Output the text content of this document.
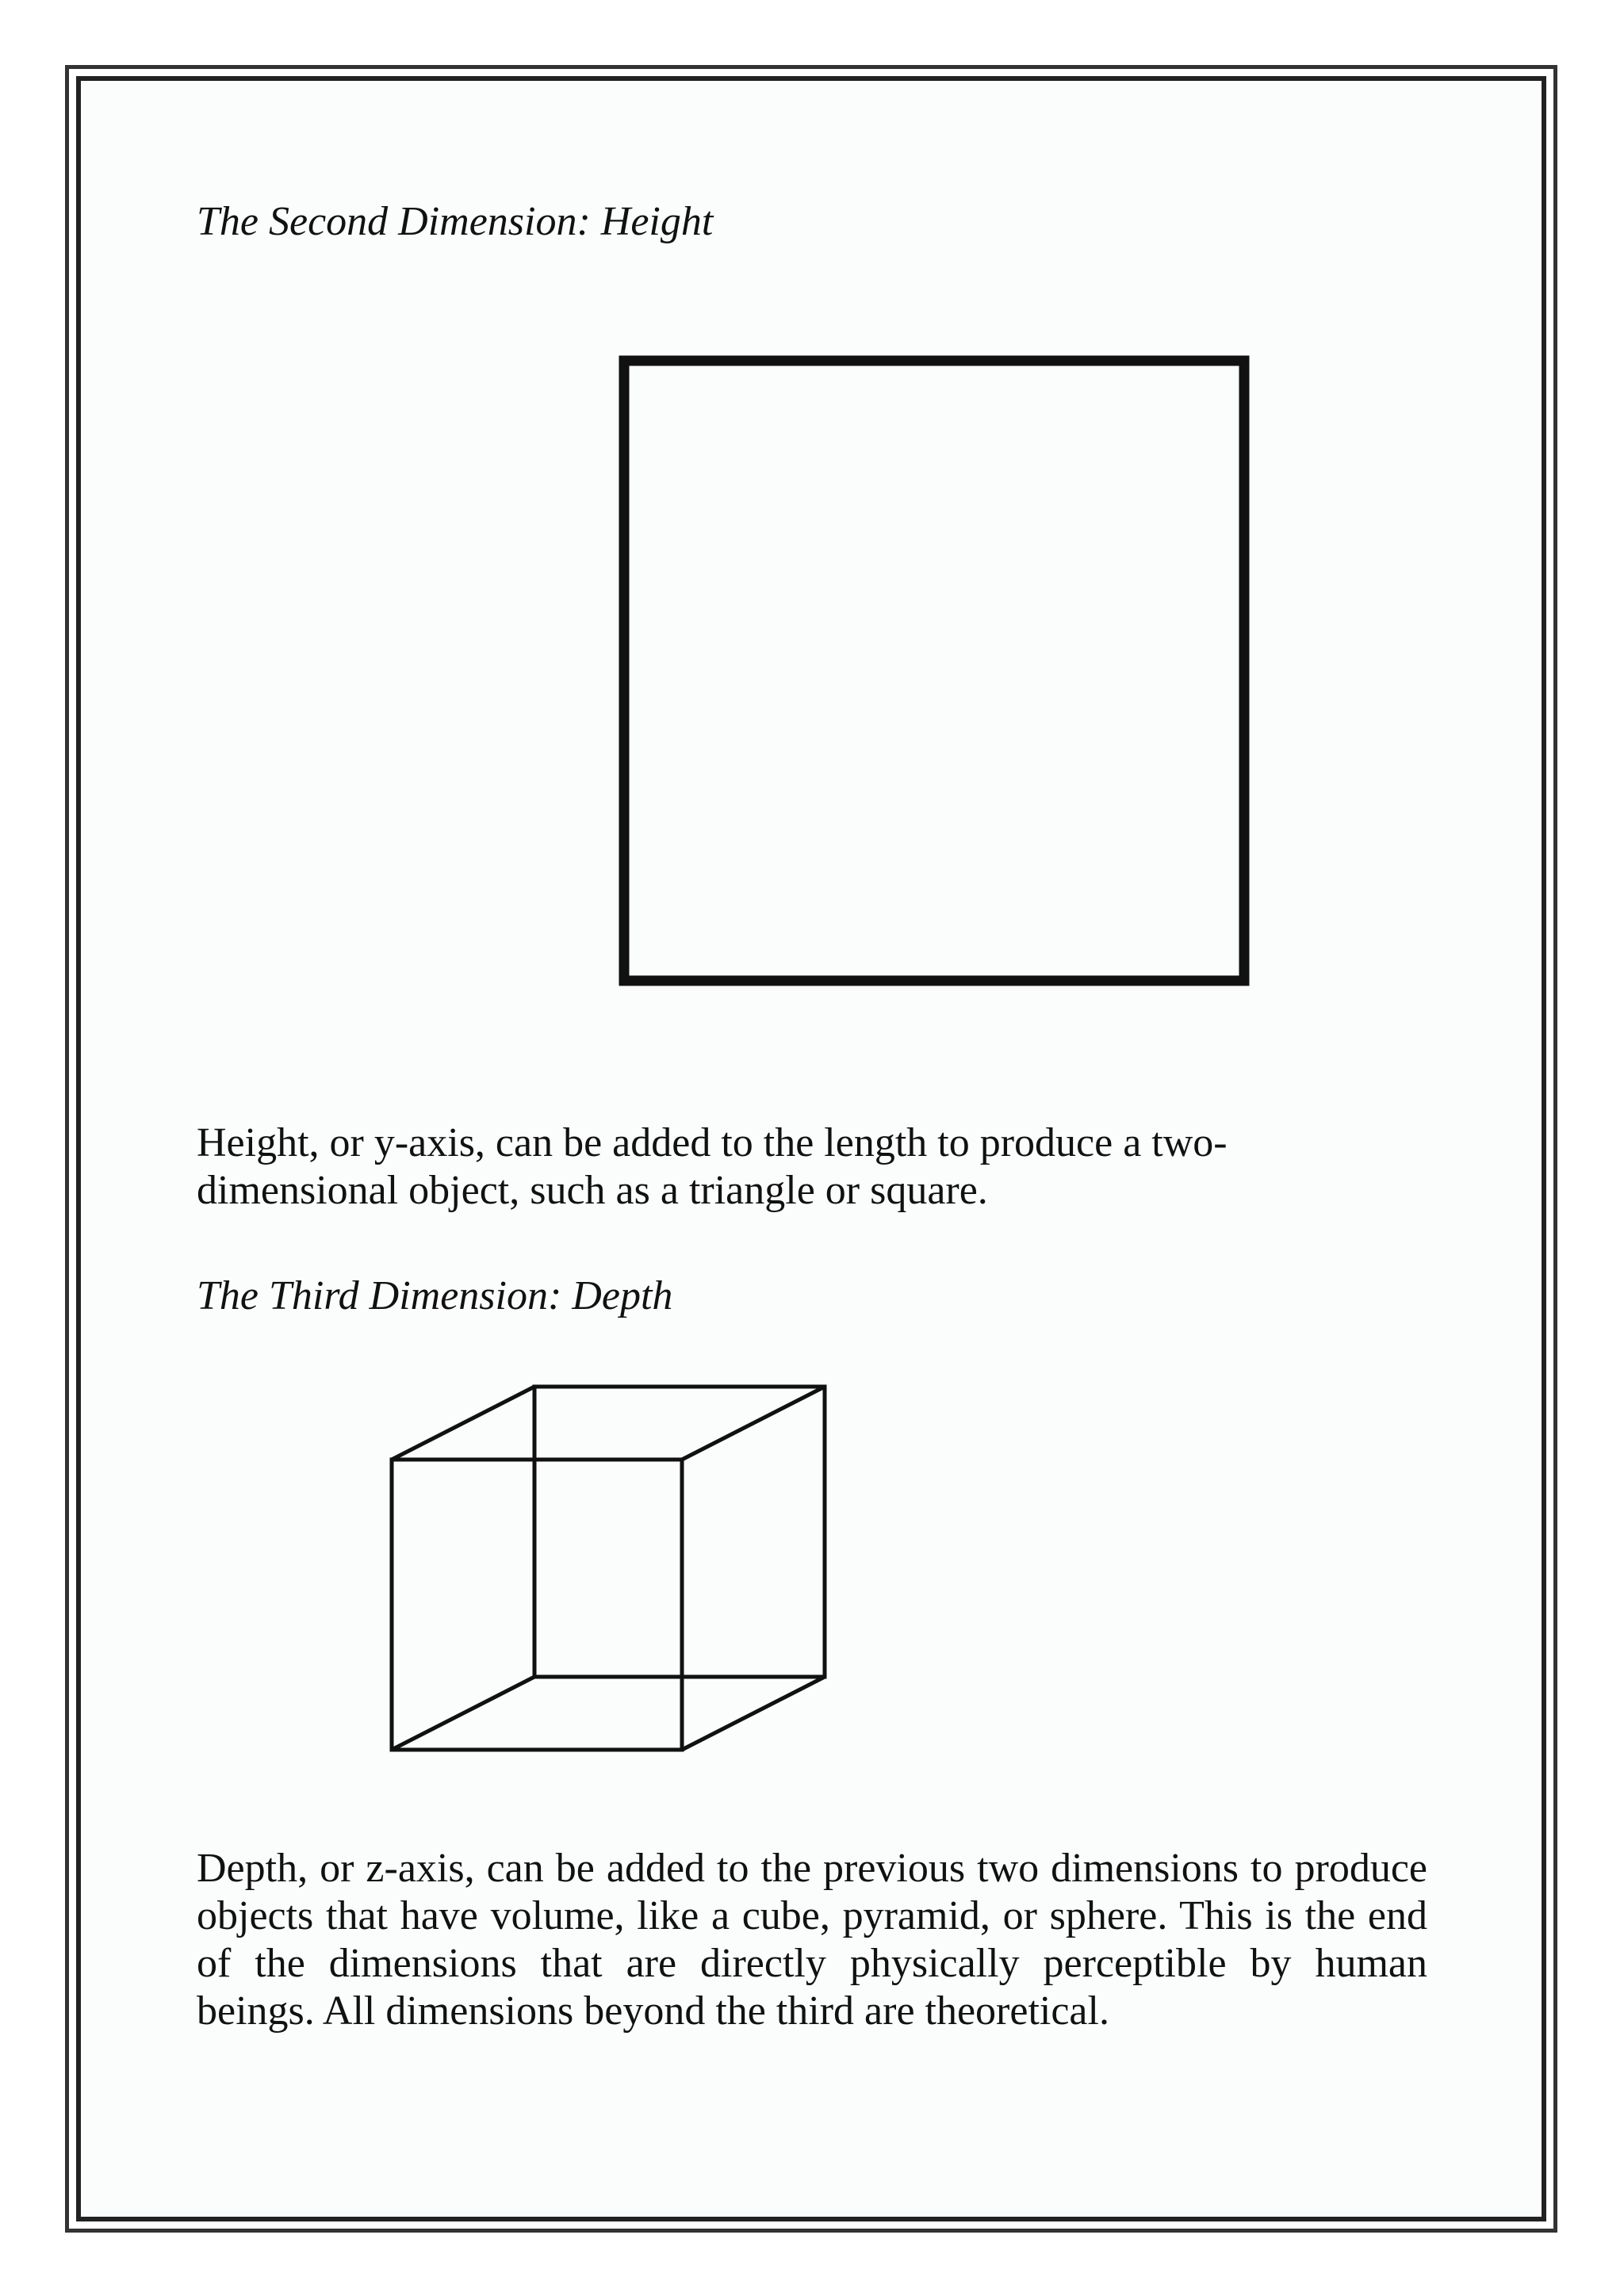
The Second Dimension: Height

Height, or y-axis, can be added to the length to produce a two-dimensional object, such as a triangle or square.

The Third Dimension: Depth

Depth, or z-axis, can be added to the previous two dimensions to produce objects that have volume, like a cube, pyramid, or sphere. This is the end of the dimensions that are directly physically perceptible by human beings. All dimensions beyond the third are theoretical.
